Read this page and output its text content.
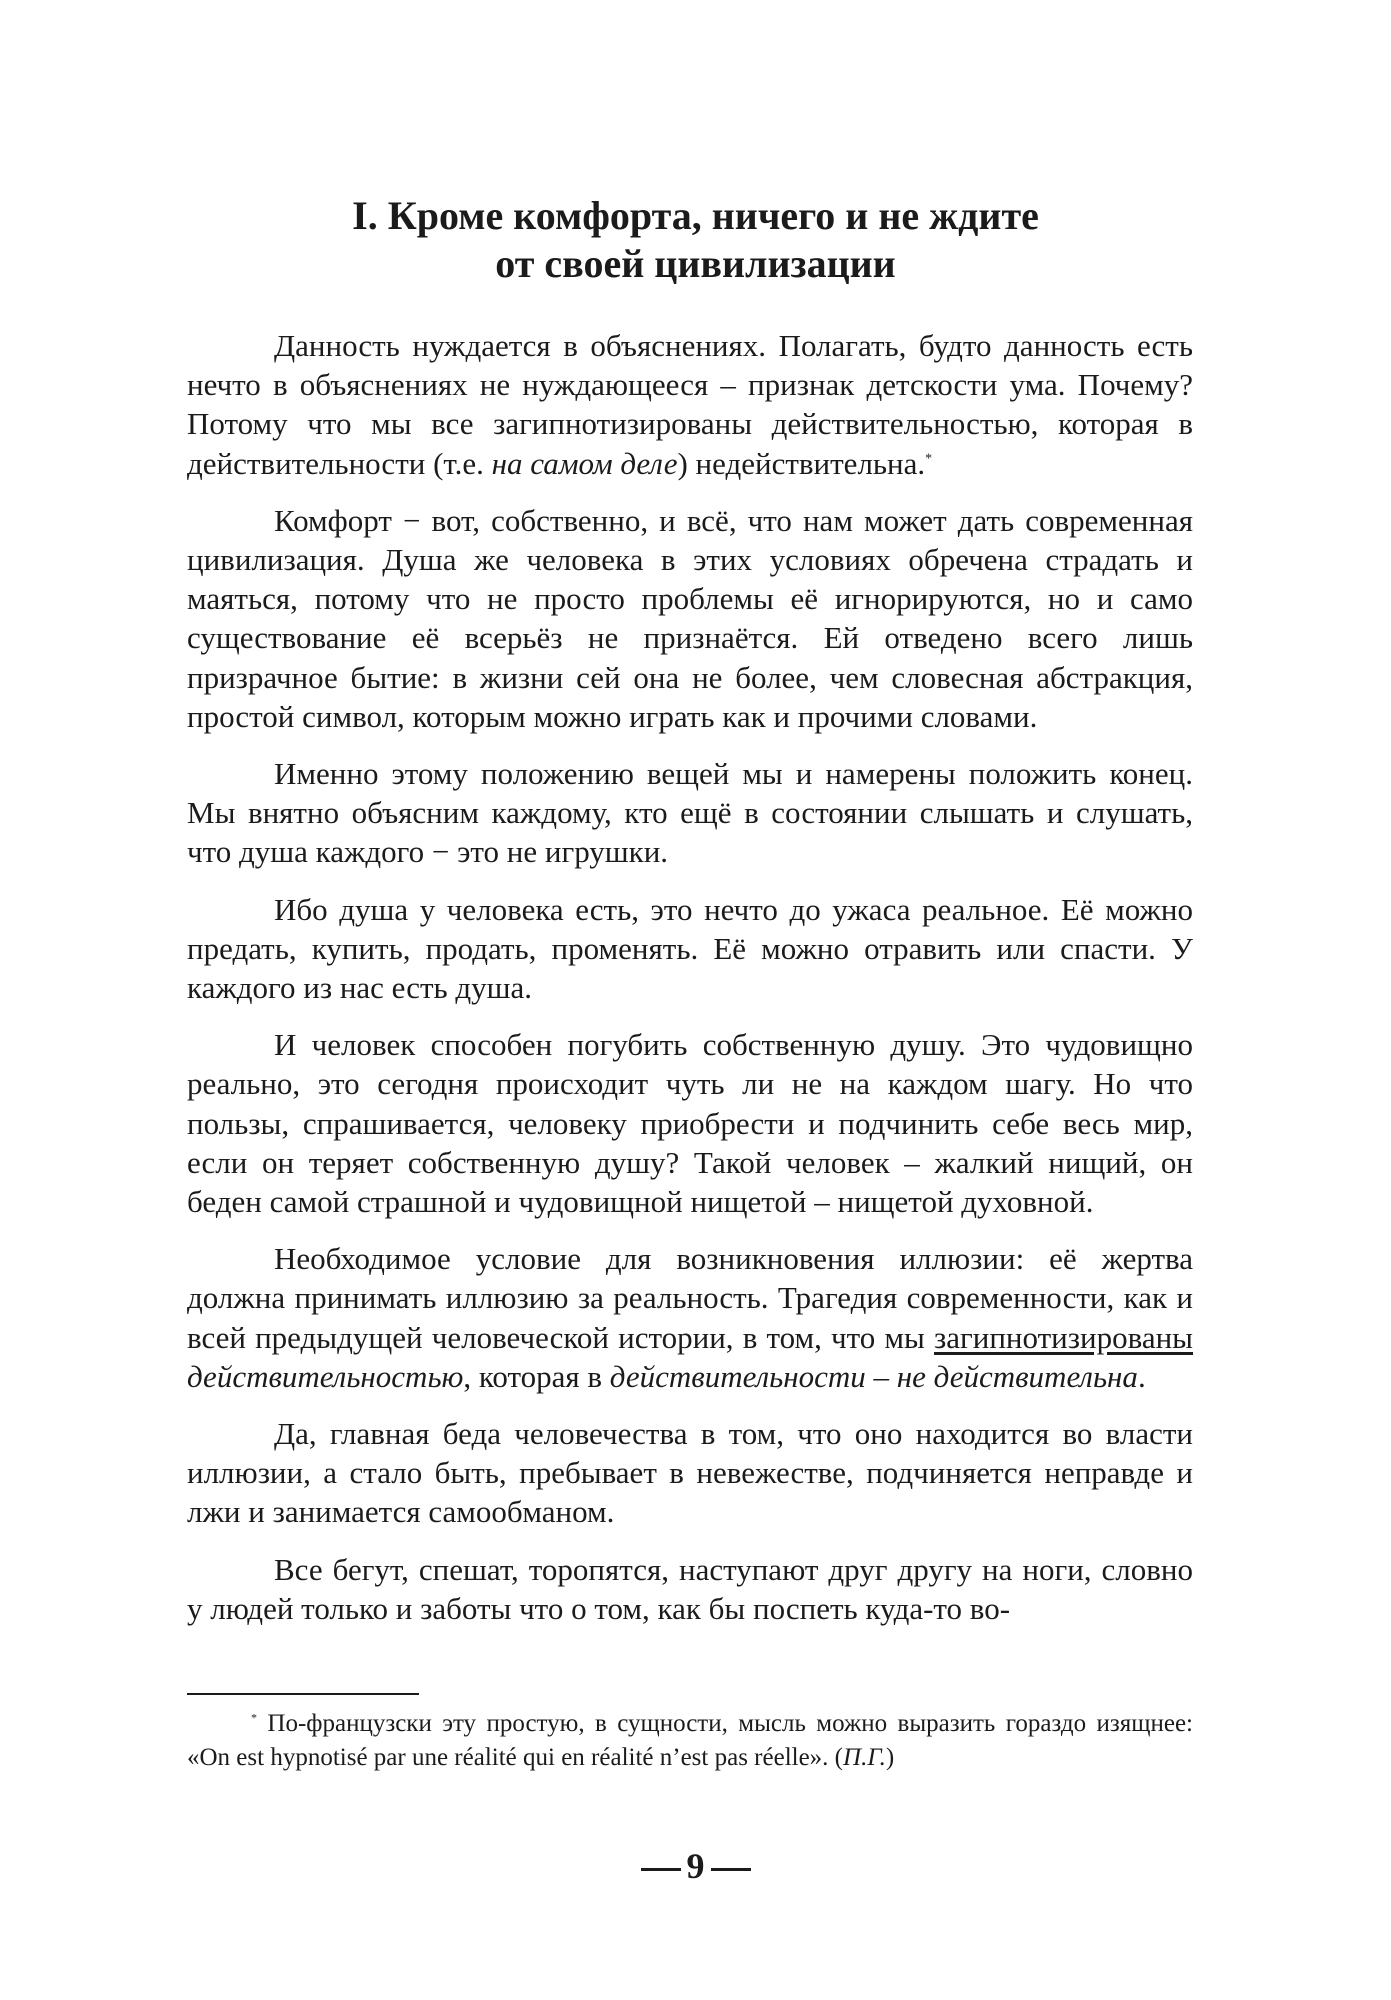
I. Кроме комфорта, ничего и не ждите
от своей цивилизации

Данность нуждается в объяснениях. Полагать, будто данность есть нечто в объяснениях не нуждающееся – признак детскости ума. Почему? Потому что мы все загипнотизированы действительностью, которая в действительности (т.е. на самом деле) недействительна.*

Комфорт − вот, собственно, и всё, что нам может дать современная цивилизация. Душа же человека в этих условиях обречена страдать и маяться, потому что не просто проблемы её игнорируются, но и само существование её всерьёз не признаётся. Ей отведено всего лишь призрачное бытие: в жизни сей она не более, чем словесная абстракция, простой символ, которым можно играть как и прочими словами.

Именно этому положению вещей мы и намерены положить конец. Мы внятно объясним каждому, кто ещё в состоянии слышать и слушать, что душа каждого − это не игрушки.

Ибо душа у человека есть, это нечто до ужаса реальное. Её можно предать, купить, продать, променять. Её можно отравить или спасти. У каждого из нас есть душа.

И человек способен погубить собственную душу. Это чудовищно реально, это сегодня происходит чуть ли не на каждом шагу. Но что пользы, спрашивается, человеку приобрести и подчинить себе весь мир, если он теряет собственную душу? Такой человек – жалкий нищий, он беден самой страшной и чудовищной нищетой – нищетой духовной.

Необходимое условие для возникновения иллюзии: её жертва должна принимать иллюзию за реальность. Трагедия современности, как и всей предыдущей человеческой истории, в том, что мы загипнотизированы действительностью, которая в действительности – не действительна.

Да, главная беда человечества в том, что оно находится во власти иллюзии, а стало быть, пребывает в невежестве, подчиняется неправде и лжи и занимается самообманом.

Все бегут, спешат, торопятся, наступают друг другу на ноги, словно у людей только и заботы что о том, как бы поспеть куда-то во-

* По-французски эту простую, в сущности, мысль можно выразить гораздо изящнее: «On est hypnotisé par une réalité qui en réalité n’est pas réelle». (П.Г.)

9
